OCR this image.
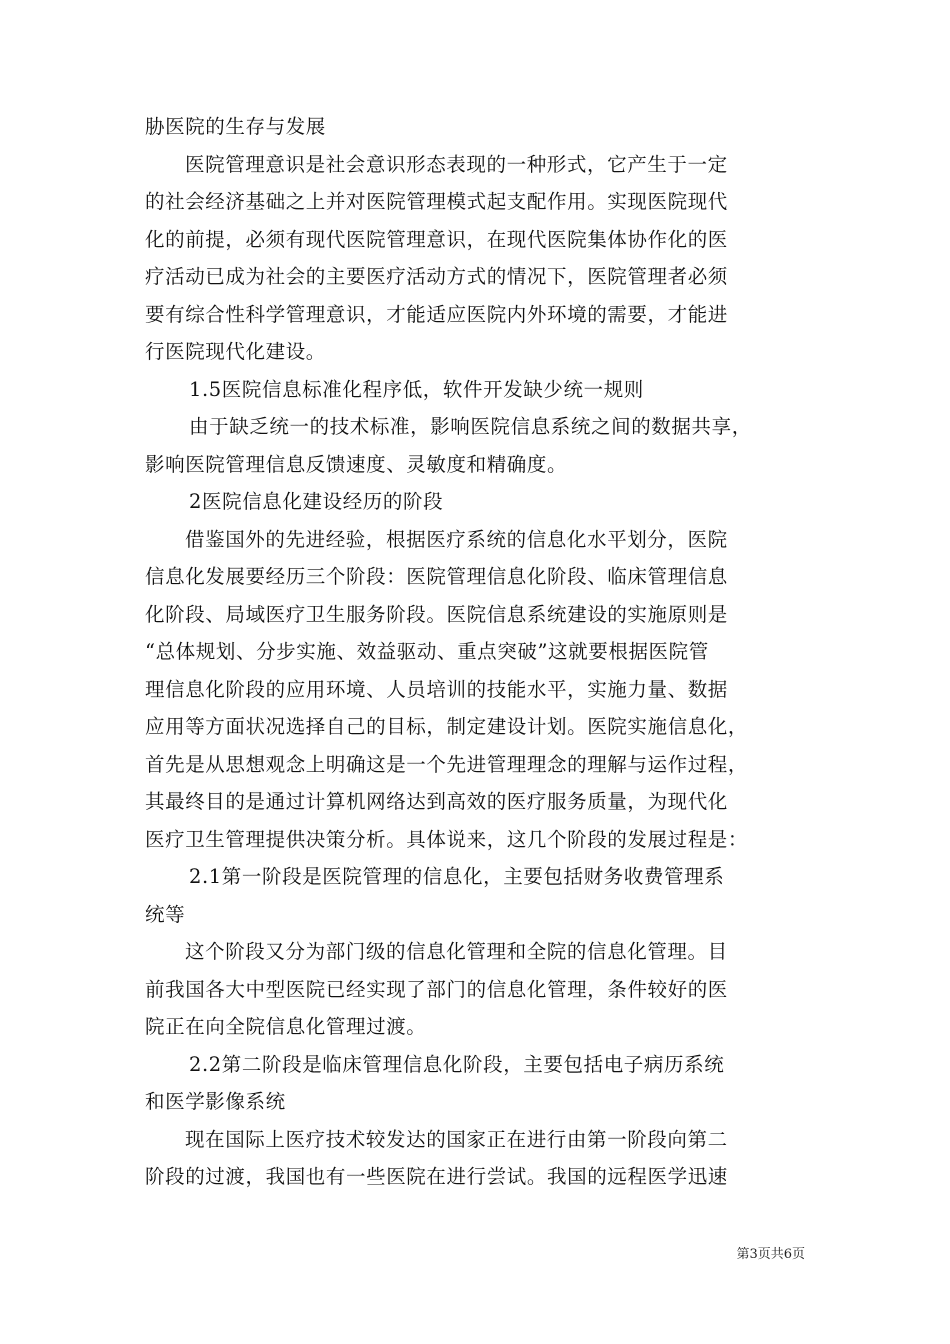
胁医院的生存与发展
医院管理意识是社会意识形态表现的一种形式，它产生于一定
的社会经济基础之上并对医院管理模式起支配作用。实现医院现代
化的前提，必须有现代医院管理意识，在现代医院集体协作化的医
疗活动已成为社会的主要医疗活动方式的情况下，医院管理者必须
要有综合性科学管理意识，才能适应医院内外环境的需要，才能进
行医院现代化建设。
1.5医院信息标准化程序低，软件开发缺少统一规则
由于缺乏统一的技术标准，影响医院信息系统之间的数据共享，
影响医院管理信息反馈速度、灵敏度和精确度。
2医院信息化建设经历的阶段
借鉴国外的先进经验，根据医疗系统的信息化水平划分，医院
信息化发展要经历三个阶段：医院管理信息化阶段、临床管理信息
化阶段、局域医疗卫生服务阶段。医院信息系统建设的实施原则是
“总体规划、分步实施、效益驱动、重点突破”这就要根据医院管
理信息化阶段的应用环境、人员培训的技能水平，实施力量、数据
应用等方面状况选择自己的目标，制定建设计划。医院实施信息化，
首先是从思想观念上明确这是一个先进管理理念的理解与运作过程，
其最终目的是通过计算机网络达到高效的医疗服务质量，为现代化
医疗卫生管理提供决策分析。具体说来，这几个阶段的发展过程是：
2.1第一阶段是医院管理的信息化，主要包括财务收费管理系
统等
这个阶段又分为部门级的信息化管理和全院的信息化管理。目
前我国各大中型医院已经实现了部门的信息化管理，条件较好的医
院正在向全院信息化管理过渡。
2.2第二阶段是临床管理信息化阶段，主要包括电子病历系统
和医学影像系统
现在国际上医疗技术较发达的国家正在进行由第一阶段向第二
阶段的过渡，我国也有一些医院在进行尝试。我国的远程医学迅速
第3页共6页
